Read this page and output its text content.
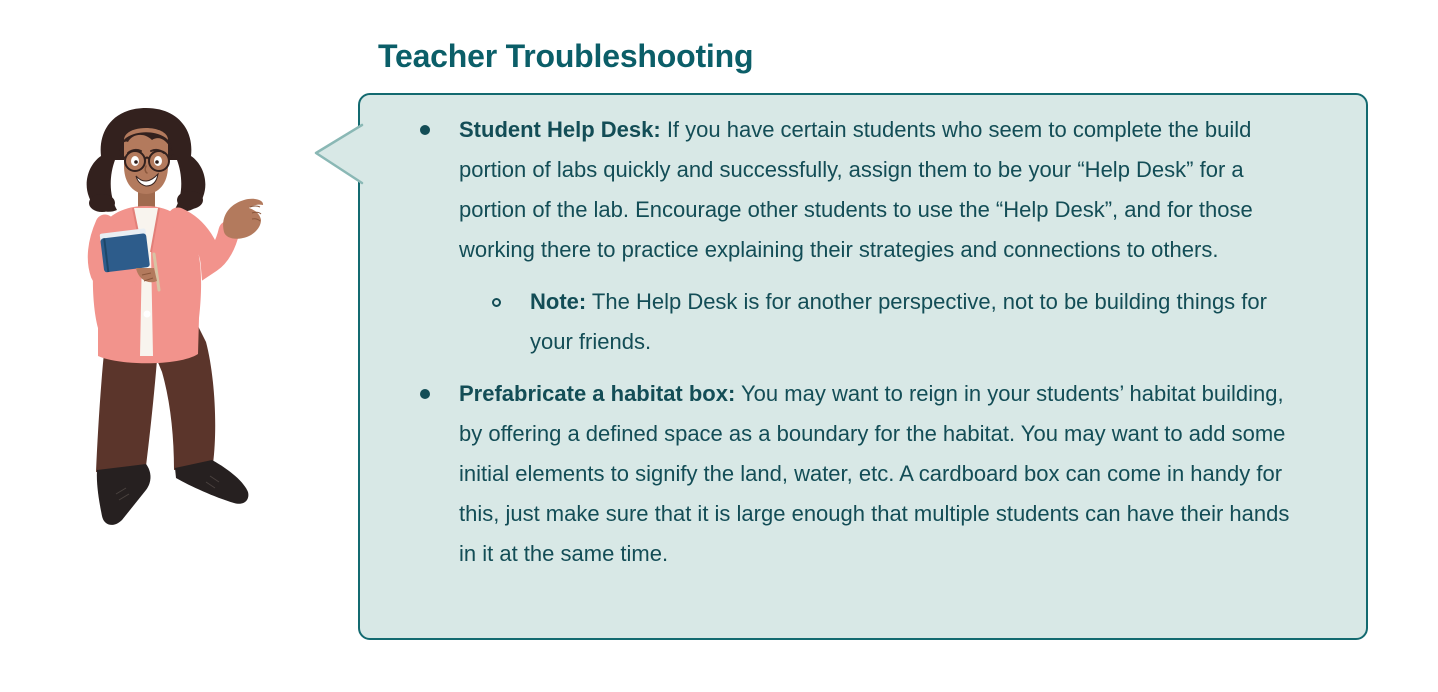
Teacher Troubleshooting

Student Help Desk: If you have certain students who seem to complete the build portion of labs quickly and successfully, assign them to be your “Help Desk” for a portion of the lab. Encourage other students to use the “Help Desk”, and for those working there to practice explaining their strategies and connections to others.

Note: The Help Desk is for another perspective, not to be building things for your friends.

Prefabricate a habitat box: You may want to reign in your students’ habitat building, by offering a defined space as a boundary for the habitat. You may want to add some initial elements to signify the land, water, etc. A cardboard box can come in handy for this, just make sure that it is large enough that multiple students can have their hands in it at the same time.
